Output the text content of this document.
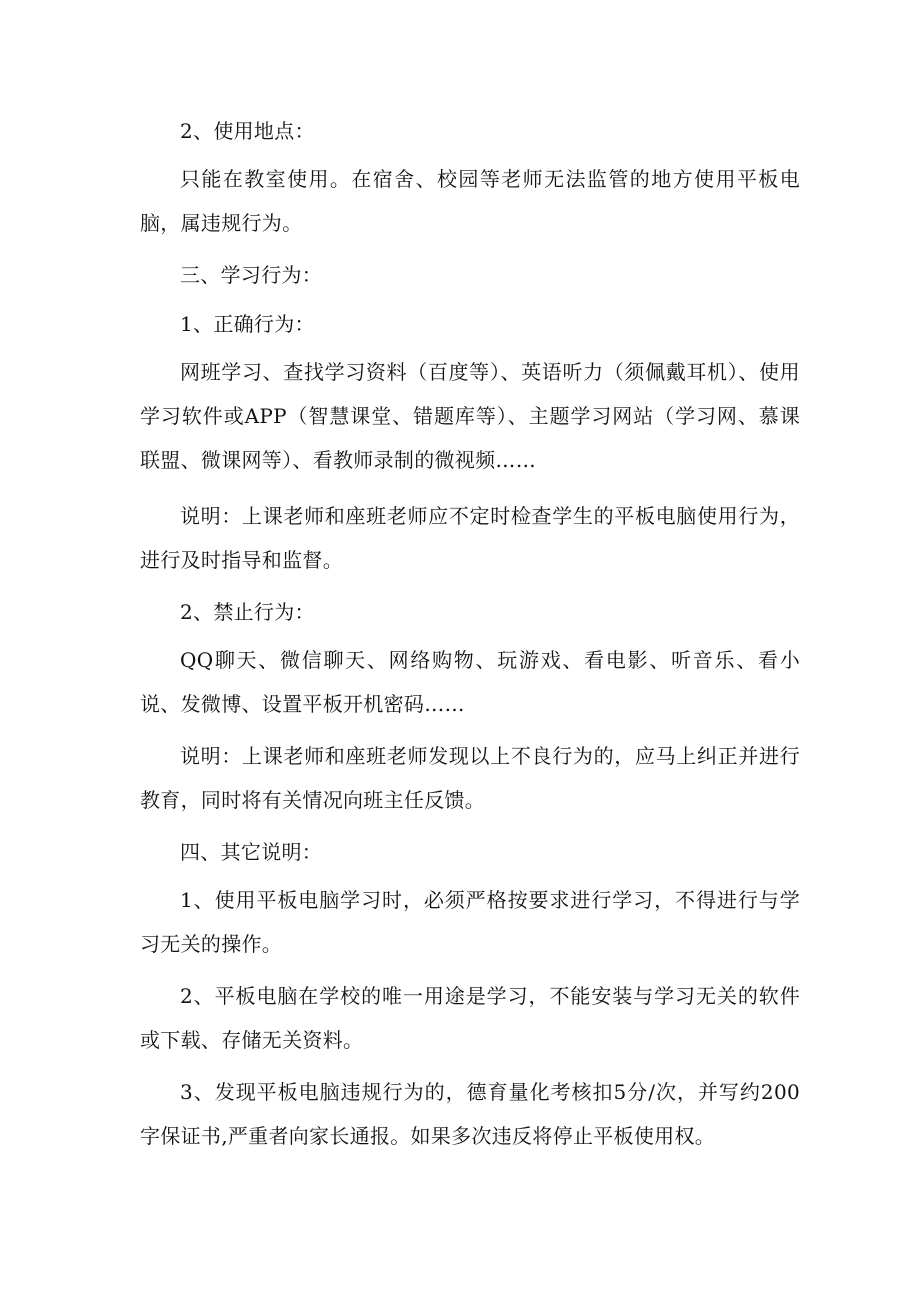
2、使用地点：

只能在教室使用。在宿舍、校园等老师无法监管的地方使用平板电脑，属违规行为。

三、学习行为：

1、正确行为：

网班学习、查找学习资料（百度等）、英语听力（须佩戴耳机）、使用学习软件或APP（智慧课堂、错题库等）、主题学习网站（学习网、慕课联盟、微课网等）、看教师录制的微视频……

说明：上课老师和座班老师应不定时检查学生的平板电脑使用行为，进行及时指导和监督。

2、禁止行为：

QQ聊天、微信聊天、网络购物、玩游戏、看电影、听音乐、看小说、发微博、设置平板开机密码……

说明：上课老师和座班老师发现以上不良行为的，应马上纠正并进行教育，同时将有关情况向班主任反馈。

四、其它说明：

1、使用平板电脑学习时，必须严格按要求进行学习，不得进行与学习无关的操作。

2、平板电脑在学校的唯一用途是学习，不能安装与学习无关的软件或下载、存储无关资料。

3、发现平板电脑违规行为的，德育量化考核扣5分/次，并写约200字保证书,严重者向家长通报。如果多次违反将停止平板使用权。
